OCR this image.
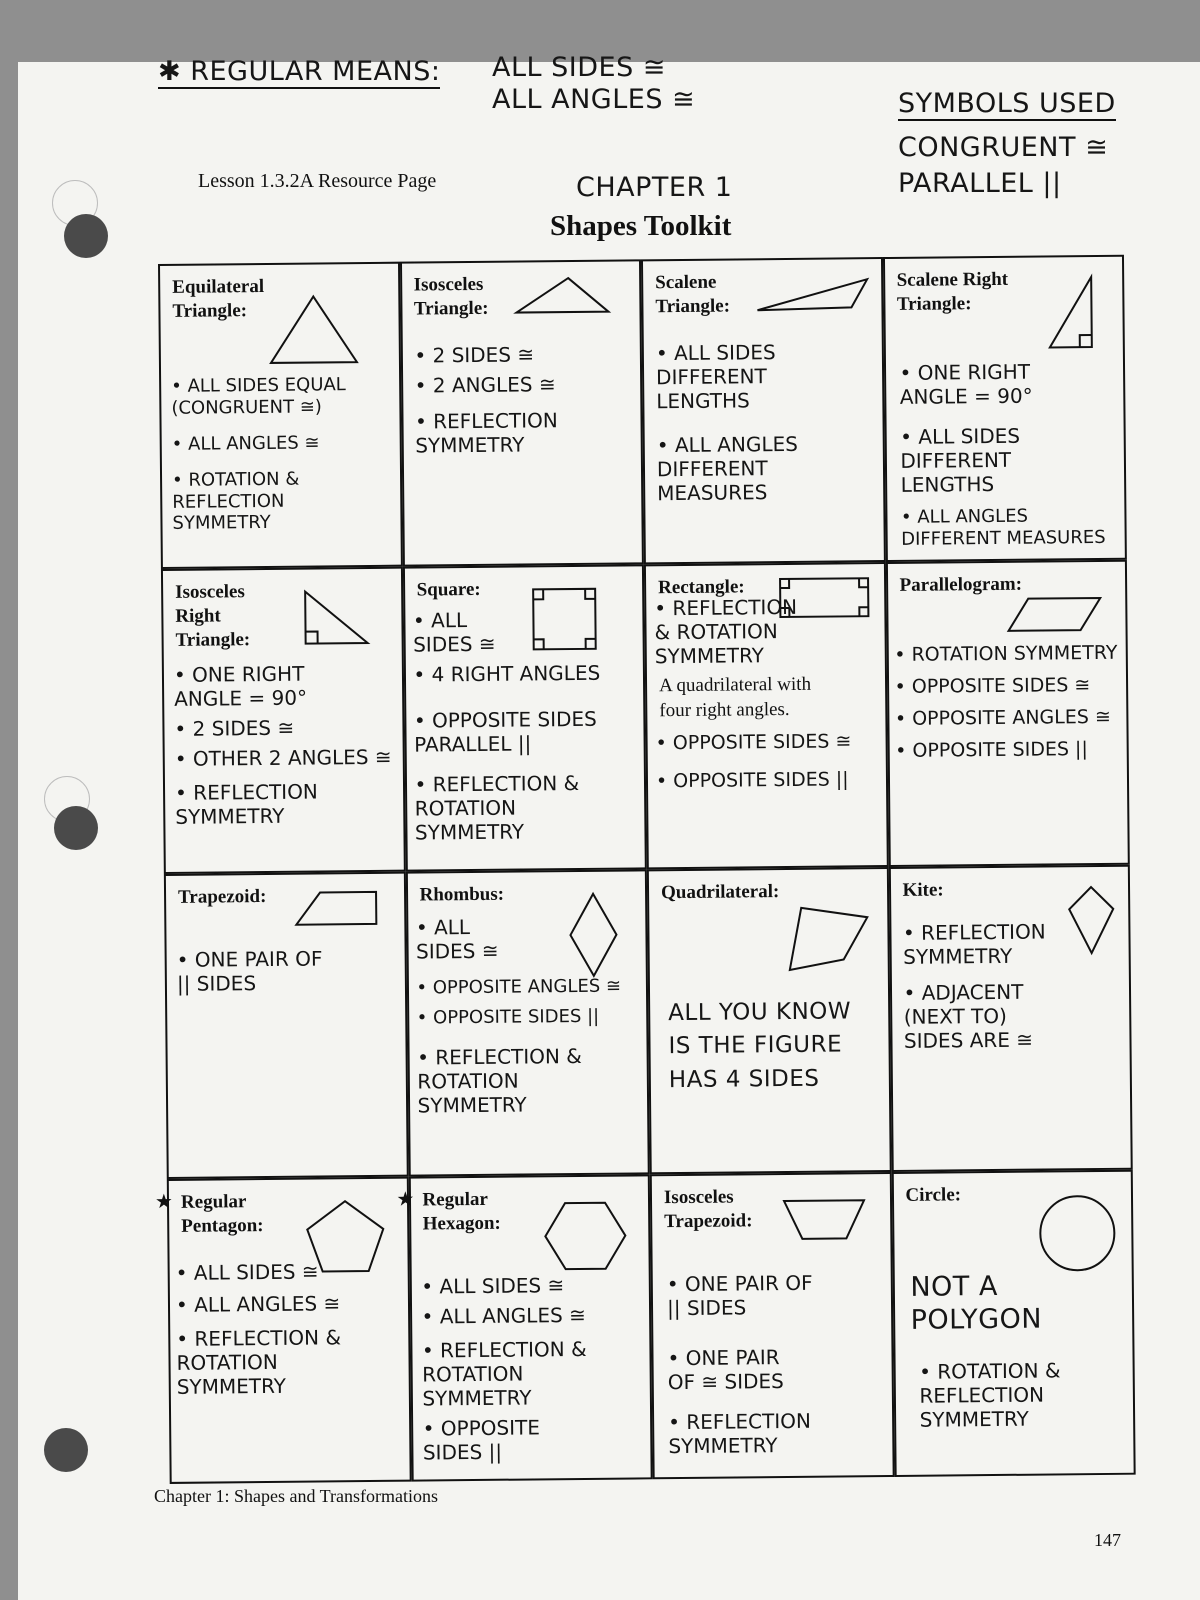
✱ REGULAR MEANS: ALL SIDES ≅
ALL ANGLES ≅	SYMBOLS USED
CONGRUENT ≅
PARALLEL ||
Lesson 1.3.2A Resource Page	CHAPTER 1
Shapes Toolkit
Equilateral
Triangle:
• ALL SIDES EQUAL
(CONGRUENT ≅)
• ALL ANGLES ≅
• ROTATION &
REFLECTION
SYMMETRY
Isosceles
Triangle:
• 2 SIDES ≅
• 2 ANGLES ≅
• REFLECTION
SYMMETRY
Scalene
Triangle:
• ALL SIDES
DIFFERENT
LENGTHS
• ALL ANGLES
DIFFERENT
MEASURES
Scalene Right
Triangle:
• ONE RIGHT
ANGLE = 90°
• ALL SIDES
DIFFERENT
LENGTHS
• ALL ANGLES
DIFFERENT MEASURES
Isosceles
Right
Triangle:
• ONE RIGHT
ANGLE = 90°
• 2 SIDES ≅
• OTHER 2 ANGLES ≅
• REFLECTION
SYMMETRY
Square:
• ALL
SIDES ≅
• 4 RIGHT ANGLES
• OPPOSITE SIDES
PARALLEL ||
• REFLECTION &
ROTATION
SYMMETRY
Rectangle:
• REFLECTION
& ROTATION
SYMMETRY
A quadrilateral with
four right angles.
• OPPOSITE SIDES ≅
• OPPOSITE SIDES ||
Parallelogram:
• ROTATION SYMMETRY
• OPPOSITE SIDES ≅
• OPPOSITE ANGLES ≅
• OPPOSITE SIDES ||
Trapezoid:
• ONE PAIR OF
|| SIDES
Rhombus:
• ALL
SIDES ≅
• OPPOSITE ANGLES ≅
• OPPOSITE SIDES ||
• REFLECTION &
ROTATION
SYMMETRY
Quadrilateral:
ALL YOU KNOW
IS THE FIGURE
HAS 4 SIDES
Kite:
• REFLECTION
SYMMETRY
• ADJACENT
(NEXT TO)
SIDES ARE ≅
★ Regular
Pentagon:
• ALL SIDES ≅
• ALL ANGLES ≅
• REFLECTION &
ROTATION
SYMMETRY
★ Regular
Hexagon:
• ALL SIDES ≅
• ALL ANGLES ≅
• REFLECTION &
ROTATION
SYMMETRY
• OPPOSITE
SIDES ||
Isosceles
Trapezoid:
• ONE PAIR OF
|| SIDES
• ONE PAIR
OF ≅ SIDES
• REFLECTION
SYMMETRY
Circle:
NOT A
POLYGON
• ROTATION &
REFLECTION
SYMMETRY
Chapter 1: Shapes and Transformations
147
